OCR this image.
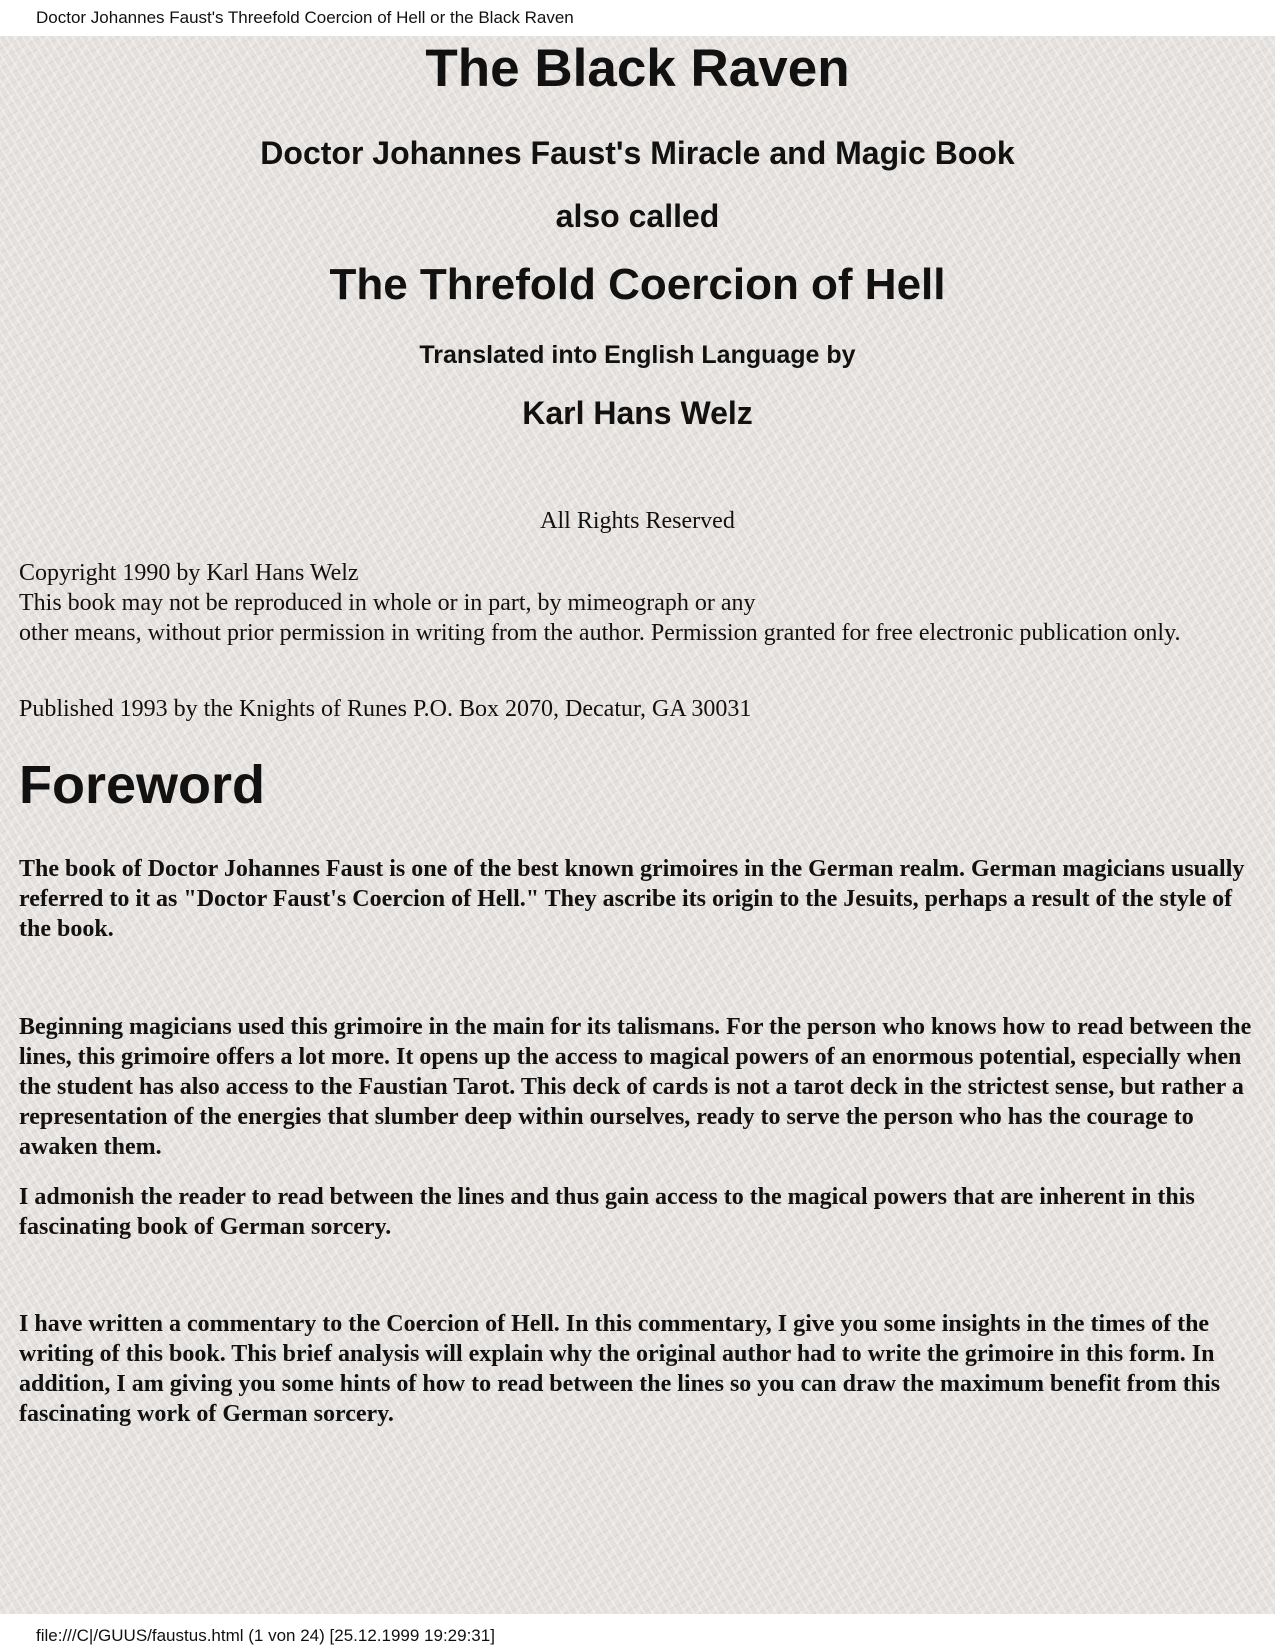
Doctor Johannes Faust's Threefold Coercion of Hell or the Black Raven
The Black Raven
Doctor Johannes Faust's Miracle and Magic Book
also called
The Threfold Coercion of Hell
Translated into English Language by
Karl Hans Welz
All Rights Reserved
Copyright 1990 by Karl Hans Welz
This book may not be reproduced in whole or in part, by mimeograph or any
other means, without prior permission in writing from the author. Permission granted for free electronic publication only.
Published 1993 by the Knights of Runes P.O. Box 2070, Decatur, GA 30031
Foreword

The book of Doctor Johannes Faust is one of the best known grimoires in the German realm. German magicians usually referred to it as "Doctor Faust's Coercion of Hell." They ascribe its origin to the Jesuits, perhaps a result of the style of the book.

Beginning magicians used this grimoire in the main for its talismans. For the person who knows how to read between the lines, this grimoire offers a lot more. It opens up the access to magical powers of an enormous potential, especially when the student has also access to the Faustian Tarot. This deck of cards is not a tarot deck in the strictest sense, but rather a representation of the energies that slumber deep within ourselves, ready to serve the person who has the courage to awaken them.

I admonish the reader to read between the lines and thus gain access to the magical powers that are inherent in this fascinating book of German sorcery.

I have written a commentary to the Coercion of Hell. In this commentary, I give you some insights in the times of the writing of this book. This brief analysis will explain why the original author had to write the grimoire in this form. In addition, I am giving you some hints of how to read between the lines so you can draw the maximum benefit from this fascinating work of German sorcery.

file:///C|/GUUS/faustus.html (1 von 24) [25.12.1999 19:29:31]
